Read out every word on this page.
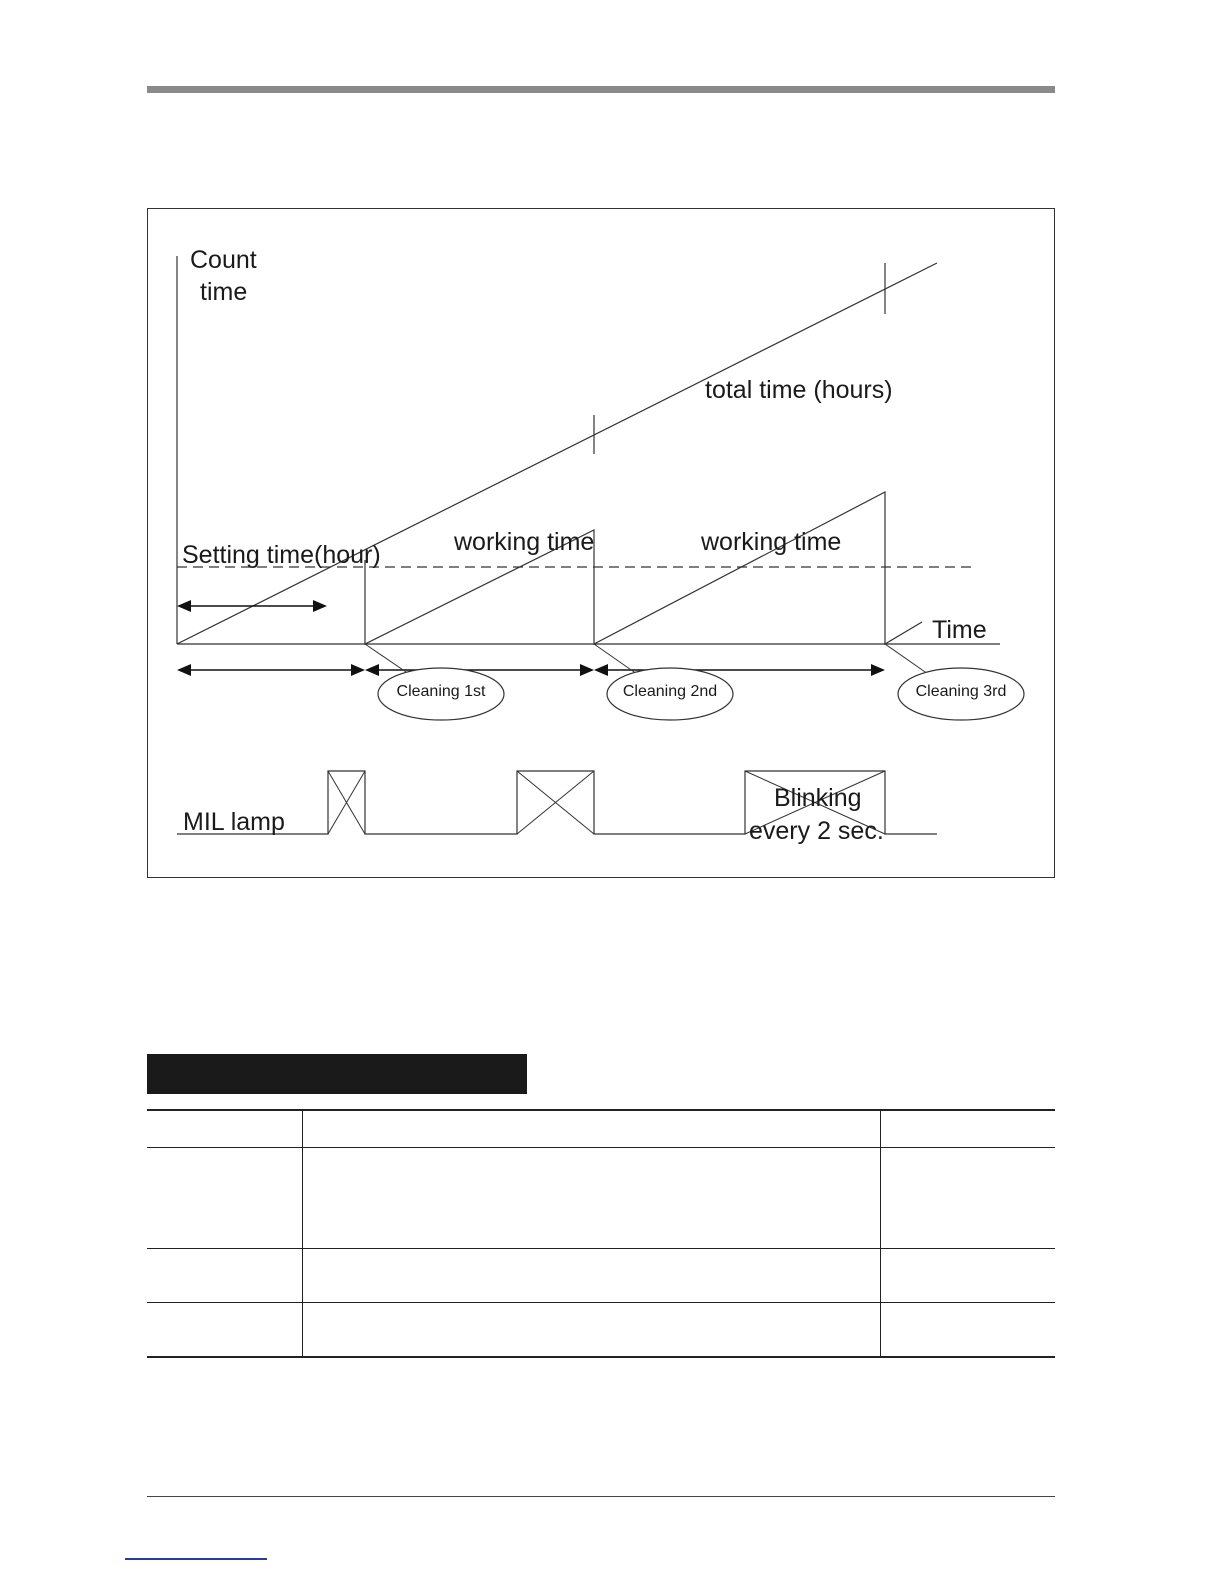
Count
time
total time (hours)
Setting time(hour)	working time	working time
Time
Cleaning 1st	Cleaning 2nd	Cleaning 3rd
MIL lamp
Blinking
every 2 sec.
